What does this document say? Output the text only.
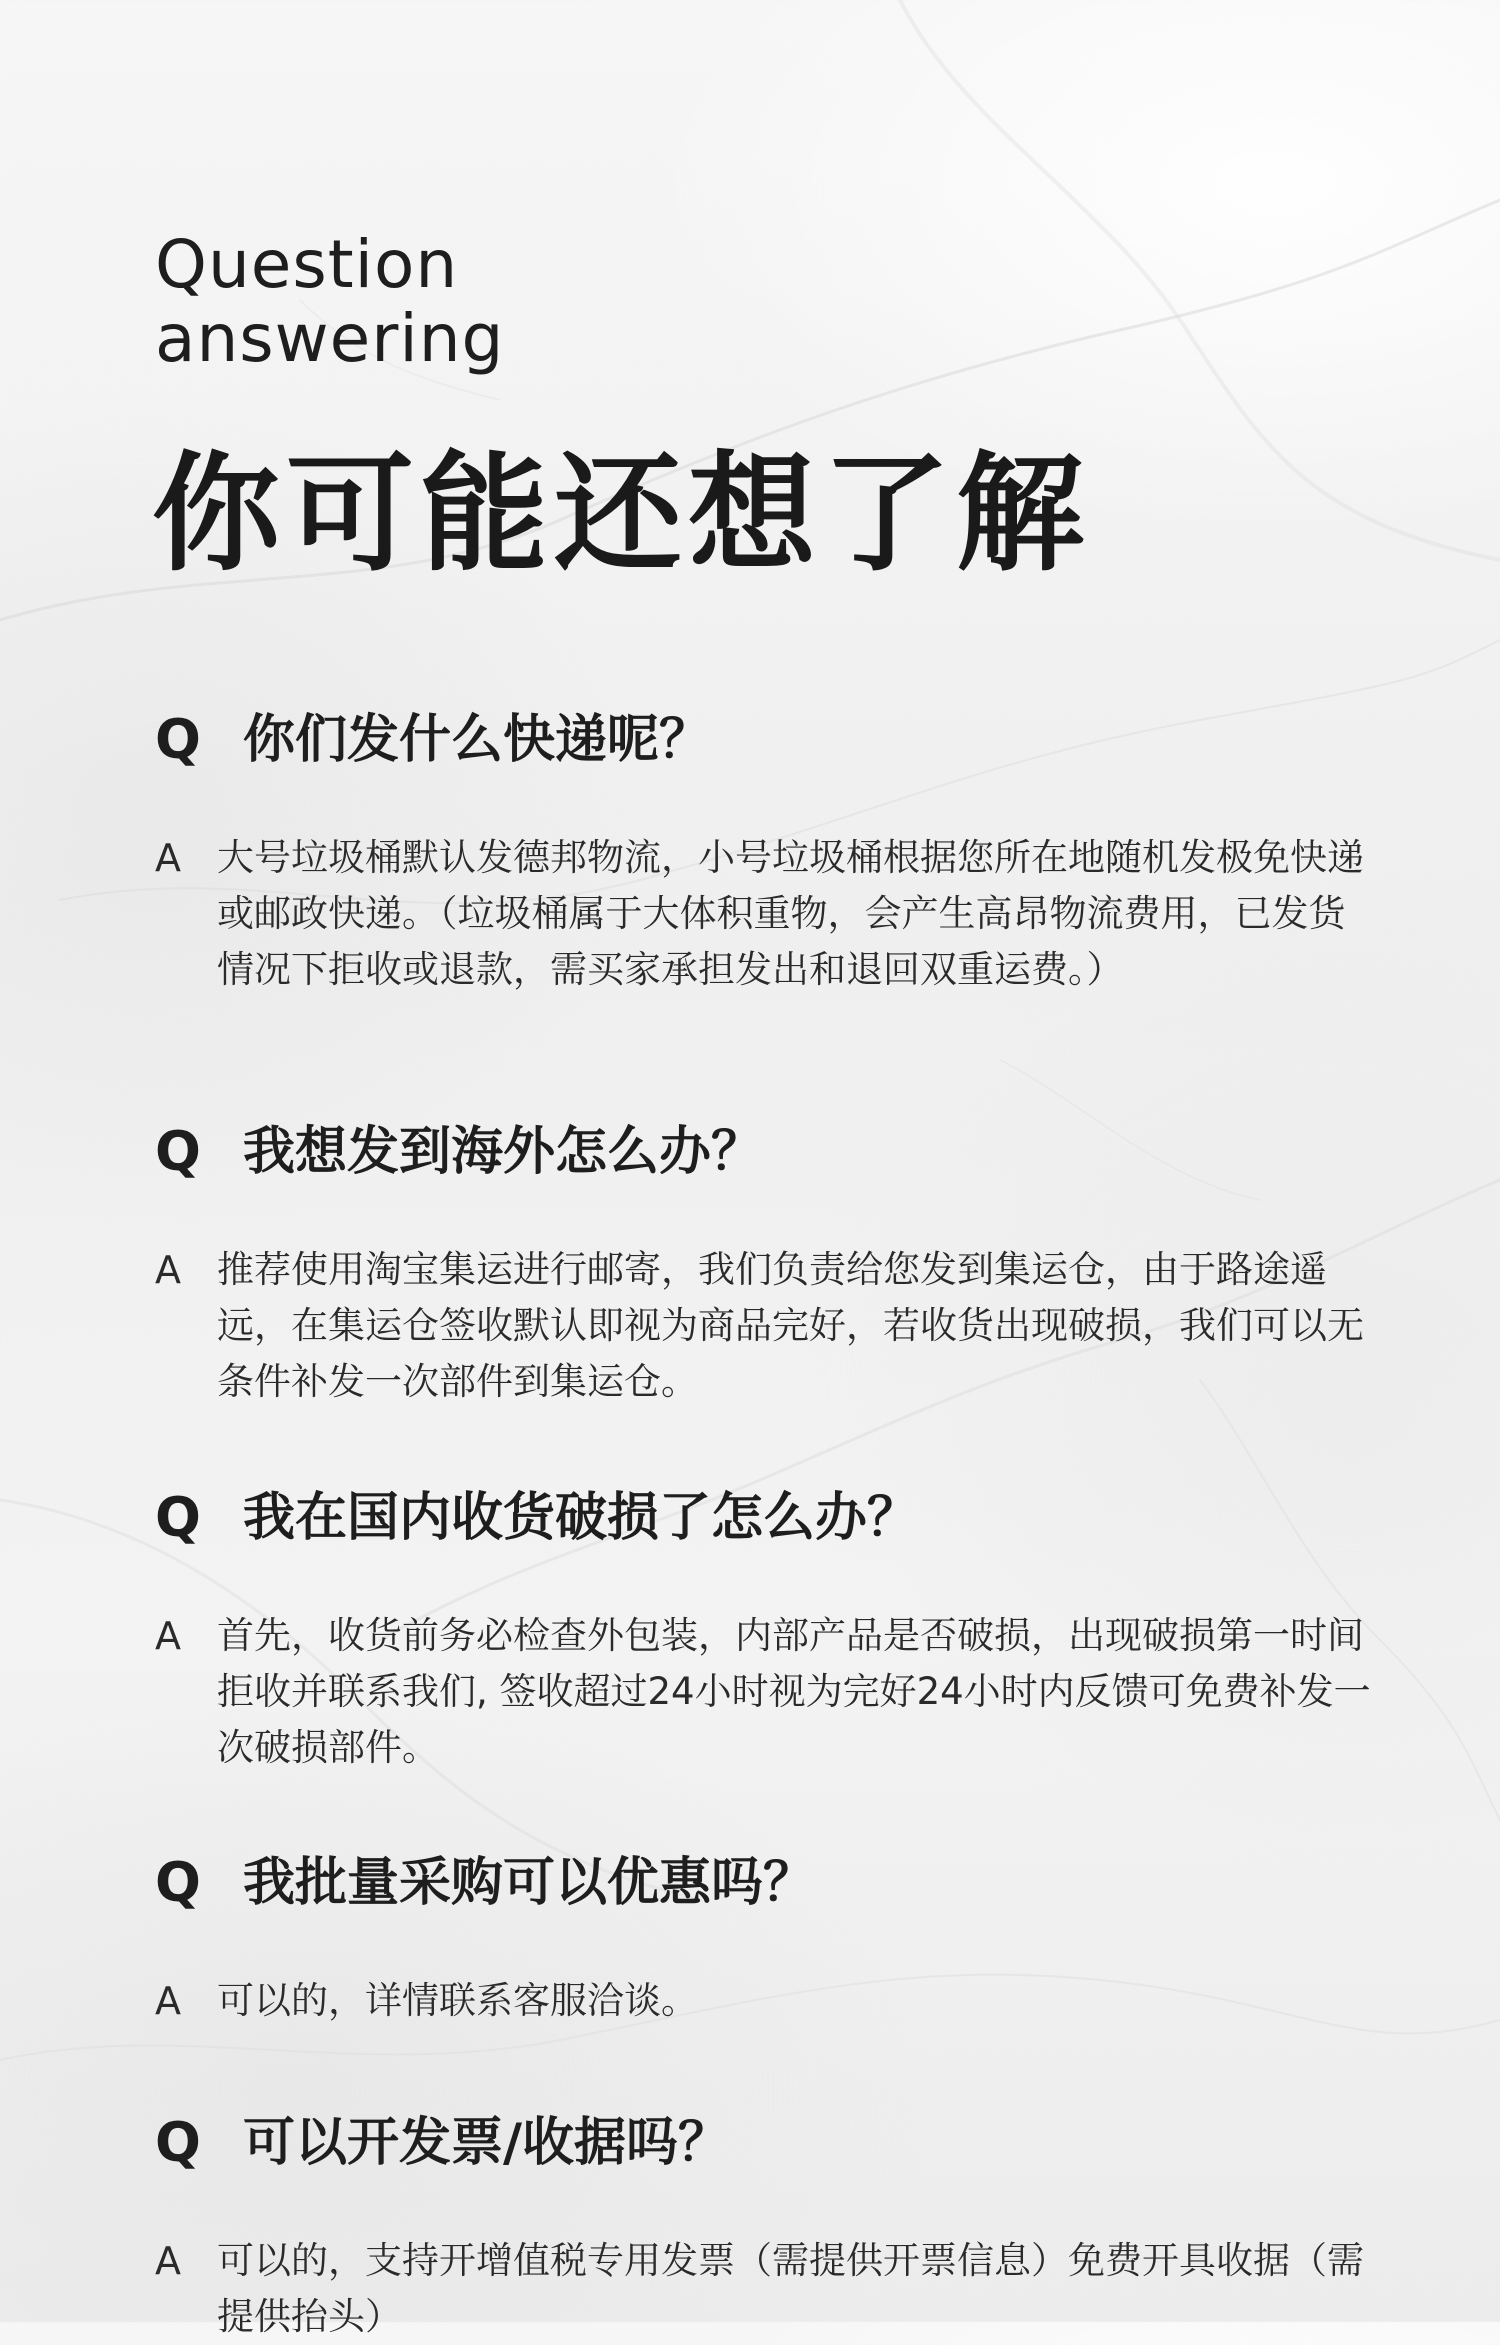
Question
answering
你可能还想了解
Q 你们发什么快递呢？
A 大号垃圾桶默认发德邦物流，小号垃圾桶根据您所在地随机发极免快递或邮政快递。（垃圾桶属于大体积重物，会产生高昂物流费用，已发货情况下拒收或退款，需买家承担发出和退回双重运费。）
Q 我想发到海外怎么办？
A 推荐使用淘宝集运进行邮寄，我们负责给您发到集运仓，由于路途遥远，在集运仓签收默认即视为商品完好，若收货出现破损，我们可以无条件补发一次部件到集运仓。
Q 我在国内收货破损了怎么办？
A 首先，收货前务必检查外包装，内部产品是否破损，出现破损第一时间拒收并联系我们, 签收超过24小时视为完好24小时内反馈可免费补发一次破损部件。
Q 我批量采购可以优惠吗？
A 可以的，详情联系客服洽谈。
Q 可以开发票/收据吗？
A 可以的，支持开增值税专用发票（需提供开票信息）免费开具收据（需提供抬头）
